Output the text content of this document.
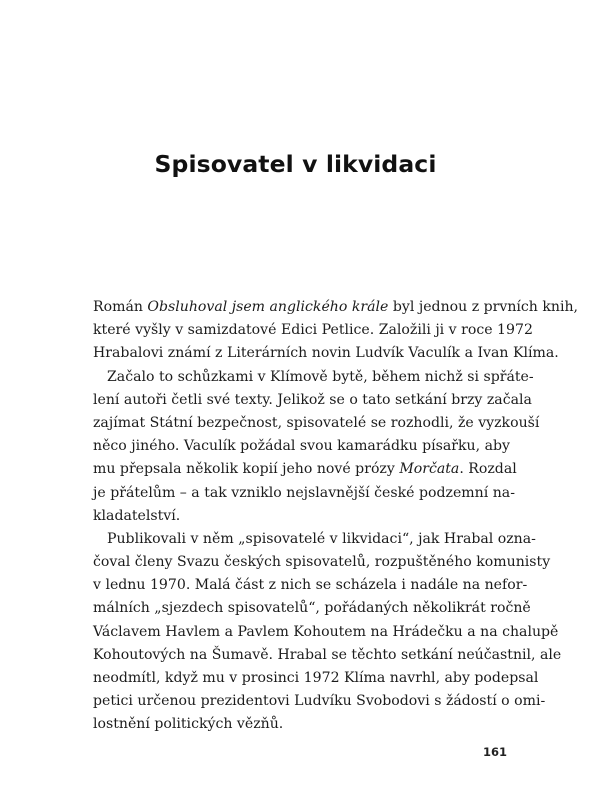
Spisovatel v likvidaci

Román Obsluhoval jsem anglického krále byl jednou z prvních knih,
které vyšly v samizdatové Edici Petlice. Založili ji v roce 1972
Hrabalovi známí z Literárních novin Ludvík Vaculík a Ivan Klíma.

Začalo to schůzkami v Klímově bytě, během nichž si spřáte-
lení autoři četli své texty. Jelikož se o tato setkání brzy začala
zajímat Státní bezpečnost, spisovatelé se rozhodli, že vyzkouší
něco jiného. Vaculík požádal svou kamarádku písařku, aby
mu přepsala několik kopií jeho nové prózy Morčata. Rozdal
je přátelům – a tak vzniklo nejslavnější české podzemní na-
kladatelství.

Publikovali v něm „spisovatelé v likvidaci“, jak Hrabal ozna-
čoval členy Svazu českých spisovatelů, rozpuštěného komunisty
v lednu 1970. Malá část z nich se scházela i nadále na nefor-
málních „sjezdech spisovatelů“, pořádaných několikrát ročně
Václavem Havlem a Pavlem Kohoutem na Hrádečku a na chalupě
Kohoutových na Šumavě. Hrabal se těchto setkání neúčastnil, ale
neodmítl, když mu v prosinci 1972 Klíma navrhl, aby podepsal
petici určenou prezidentovi Ludvíku Svobodovi s žádostí o omi-
lostnění politických vězňů.

161
